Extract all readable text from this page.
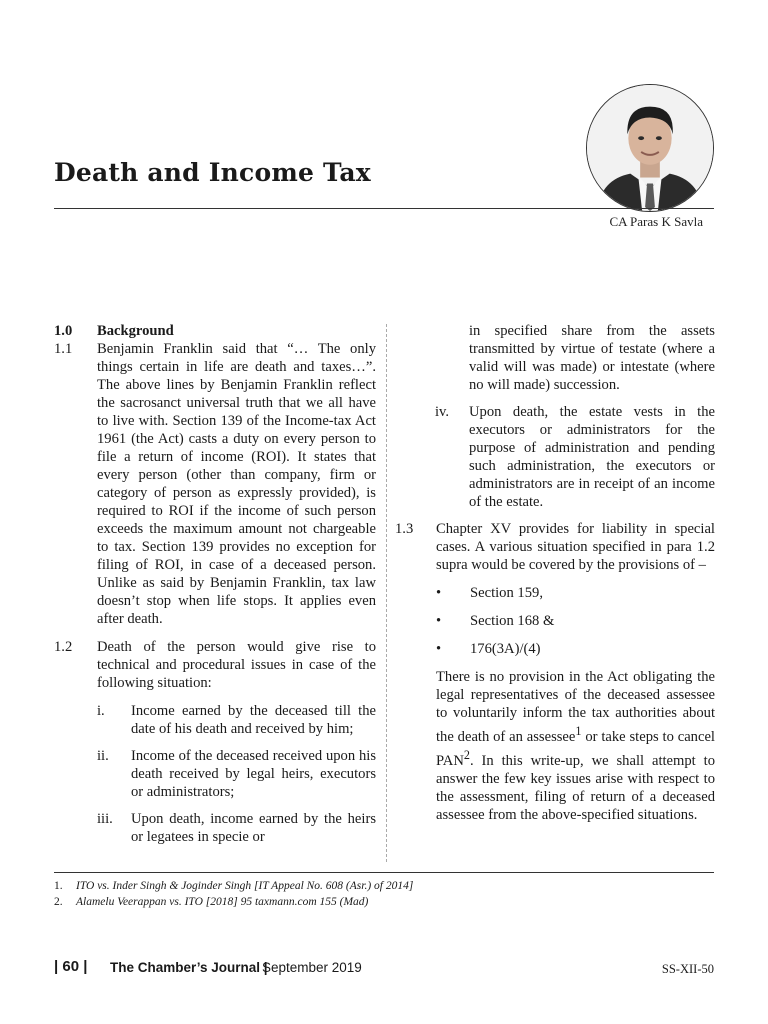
Death and Income Tax
CA Paras K Savla
1.0	Background
1.1	Benjamin Franklin said that “… The only things certain in life are death and taxes…”. The above lines by Benjamin Franklin reflect the sacrosanct universal truth that we all have to live with. Section 139 of the Income-tax Act 1961 (the Act) casts a duty on every person to file a return of income (ROI). It states that every person (other than company, firm or category of person as expressly provided), is required to ROI if the income of such person exceeds the maximum amount not chargeable to tax. Section 139 provides no exception for filing of ROI, in case of a deceased person. Unlike as said by Benjamin Franklin, tax law doesn’t stop when life stops. It applies even after death.
1.2	Death of the person would give rise to technical and procedural issues in case of the following situation:
i.	Income earned by the deceased till the date of his death and received by him;
ii.	Income of the deceased received upon his death received by legal heirs, executors or administrators;
iii.	Upon death, income earned by the heirs or legatees in specie or
in specified share from the assets transmitted by virtue of testate (where a valid will was made) or intestate (where no will made) succession.
iv.	Upon death, the estate vests in the executors or administrators for the purpose of administration and pending such administration, the executors or administrators are in receipt of an income of the estate.
1.3	Chapter XV provides for liability in special cases. A various situation specified in para 1.2 supra would be covered by the provisions of –
•	Section 159,
•	Section 168 &
•	176(3A)/(4)
There is no provision in the Act obligating the legal representatives of the deceased assessee to voluntarily inform the tax authorities about the death of an assessee$^1$ or take steps to cancel PAN$^2$. In this write-up, we shall attempt to answer the few key issues arise with respect to the assessment, filing of return of a deceased assessee from the above-specified situations.
1.	ITO vs. Inder Singh & Joginder Singh [IT Appeal No. 608 (Asr.) of 2014]
2.	Alamelu Veerappan vs. ITO [2018] 95 taxmann.com 155 (Mad)
| 60 | The Chamber’s Journal |
September 2019	SS-XII-50
